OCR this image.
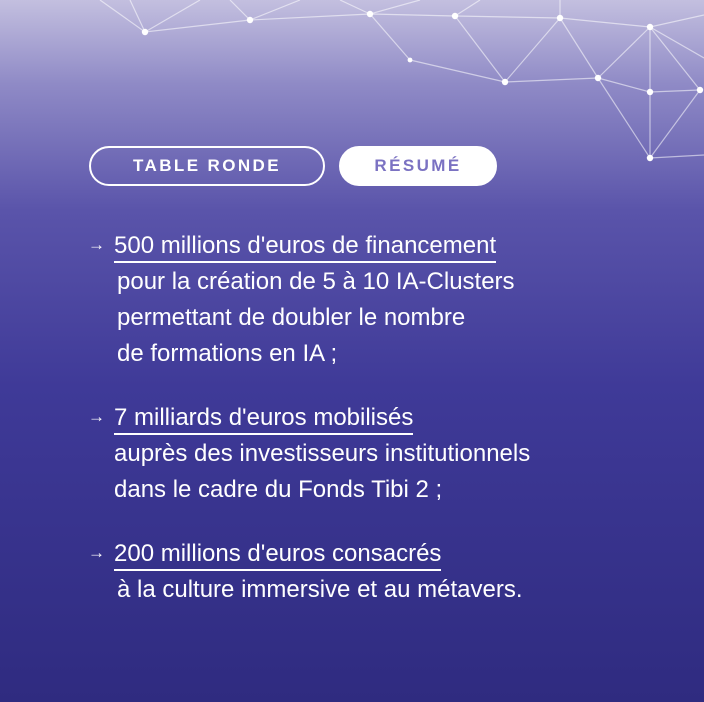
TABLE RONDE	RÉSUMÉ
→ 500 millions d'euros de financement
pour la création de 5 à 10 IA-Clusters
permettant de doubler le nombre
de formations en IA ;
→ 7 milliards d'euros mobilisés
auprès des investisseurs institutionnels
dans le cadre du Fonds Tibi 2 ;
→ 200 millions d'euros consacrés
à la culture immersive et au métavers.
